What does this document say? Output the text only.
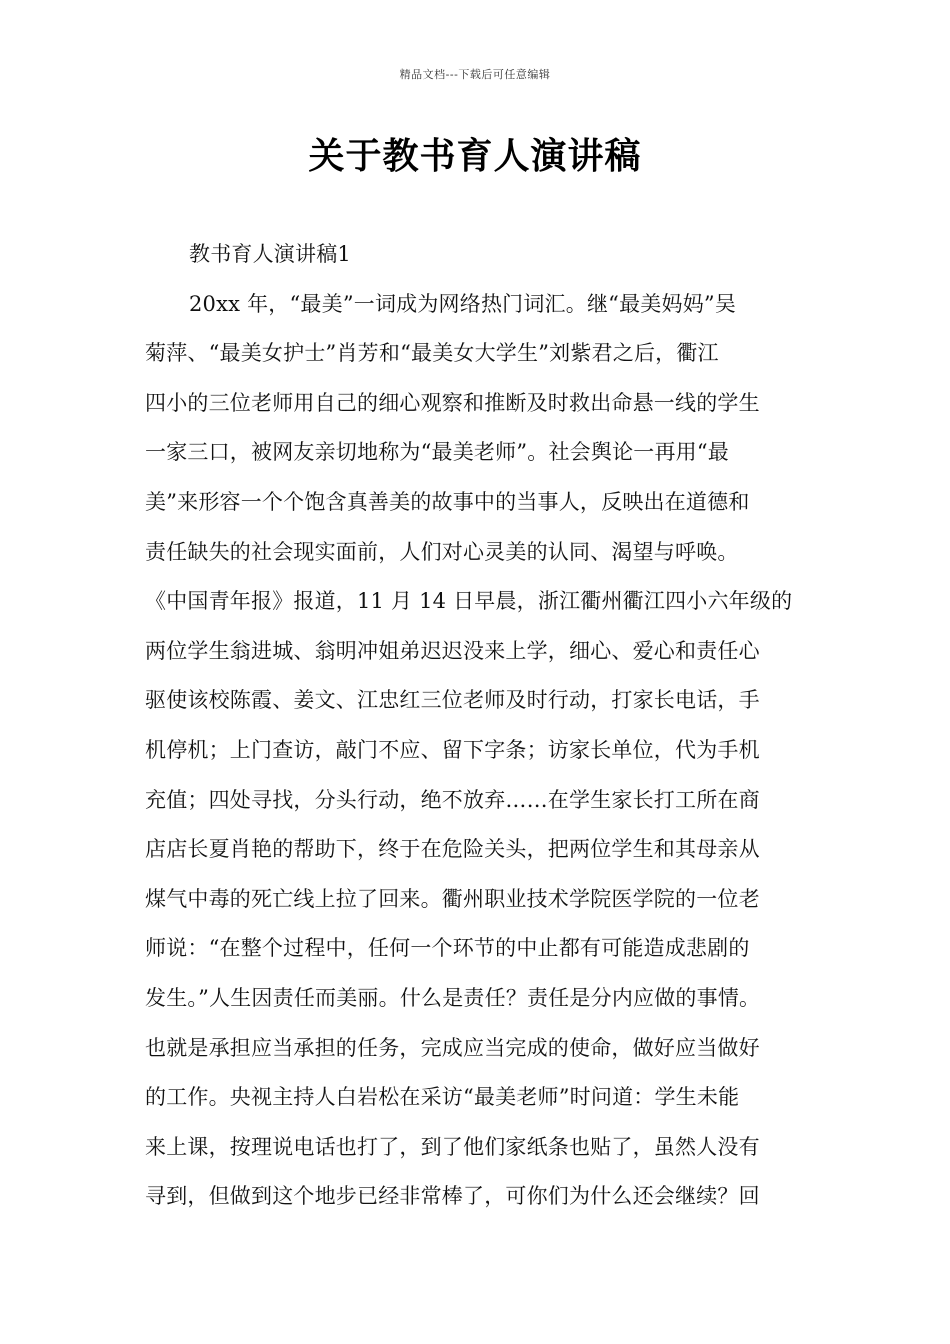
精品文档---下载后可任意编辑
关于教书育人演讲稿
教书育人演讲稿1
20xx 年，“最美”一词成为网络热门词汇。继“最美妈妈”吴
菊萍、“最美女护士”肖芳和“最美女大学生”刘紫君之后，衢江
四小的三位老师用自己的细心观察和推断及时救出命悬一线的学生
一家三口，被网友亲切地称为“最美老师”。社会舆论一再用“最
美”来形容一个个饱含真善美的故事中的当事人，反映出在道德和
责任缺失的社会现实面前，人们对心灵美的认同、渴望与呼唤。
《中国青年报》报道，11 月 14 日早晨，浙江衢州衢江四小六年级的
两位学生翁进城、翁明冲姐弟迟迟没来上学，细心、爱心和责任心
驱使该校陈霞、姜文、江忠红三位老师及时行动，打家长电话，手
机停机；上门查访，敲门不应、留下字条；访家长单位，代为手机
充值；四处寻找，分头行动，绝不放弃……在学生家长打工所在商
店店长夏肖艳的帮助下，终于在危险关头，把两位学生和其母亲从
煤气中毒的死亡线上拉了回来。衢州职业技术学院医学院的一位老
师说：“在整个过程中，任何一个环节的中止都有可能造成悲剧的
发生。”人生因责任而美丽。什么是责任？责任是分内应做的事情。
也就是承担应当承担的任务，完成应当完成的使命，做好应当做好
的工作。央视主持人白岩松在采访“最美老师”时问道：学生未能
来上课，按理说电话也打了，到了他们家纸条也贴了，虽然人没有
寻到，但做到这个地步已经非常棒了，可你们为什么还会继续？回
